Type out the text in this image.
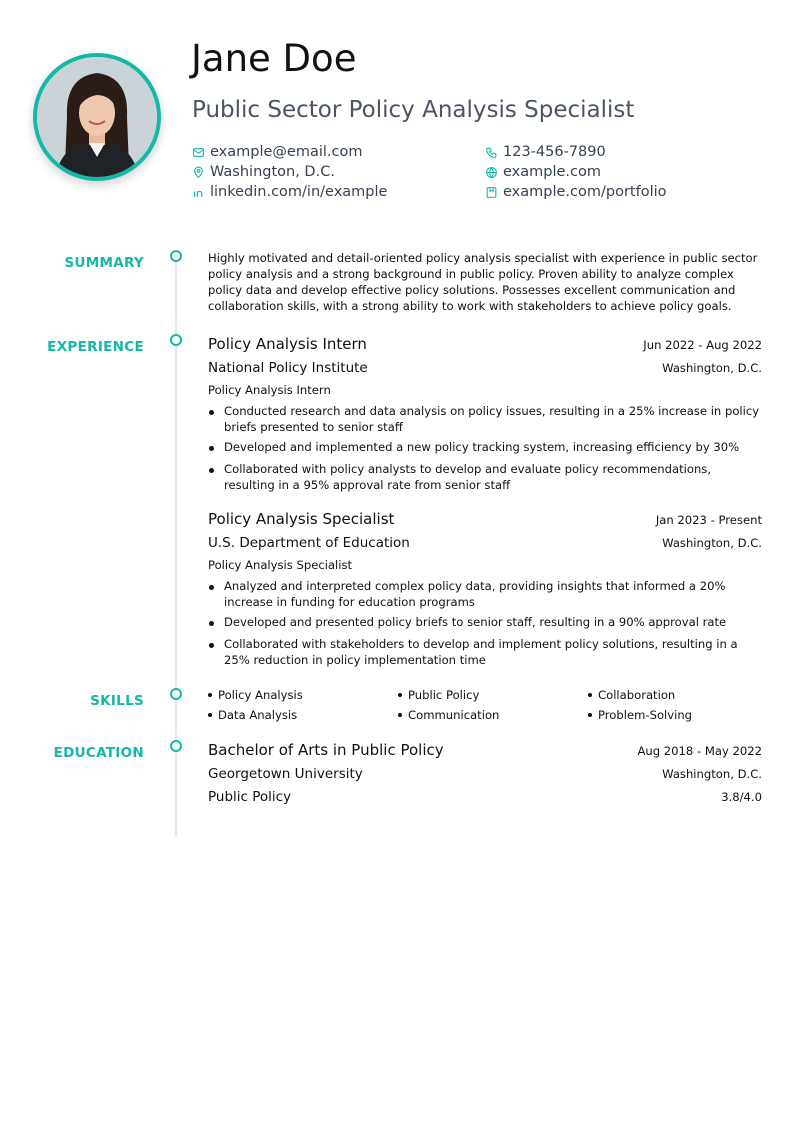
Jane Doe
Public Sector Policy Analysis Specialist
example@email.com	123-456-7890
Washington, D.C.	example.com
linkedin.com/in/example	example.com/portfolio
SUMMARY	Highly motivated and detail-oriented policy analysis specialist with experience in public sector policy analysis and a strong background in public policy. Proven ability to analyze complex policy data and develop effective policy solutions. Possesses excellent communication and collaboration skills, with a strong ability to work with stakeholders to achieve policy goals.
EXPERIENCE	Policy Analysis Intern	Jun 2022 - Aug 2022
National Policy Institute	Washington, D.C.
Policy Analysis Intern
Conducted research and data analysis on policy issues, resulting in a 25% increase in policy briefs presented to senior staff
Developed and implemented a new policy tracking system, increasing efficiency by 30%
Collaborated with policy analysts to develop and evaluate policy recommendations, resulting in a 95% approval rate from senior staff
Policy Analysis Specialist	Jan 2023 - Present
U.S. Department of Education	Washington, D.C.
Policy Analysis Specialist
Analyzed and interpreted complex policy data, providing insights that informed a 20% increase in funding for education programs
Developed and presented policy briefs to senior staff, resulting in a 90% approval rate
Collaborated with stakeholders to develop and implement policy solutions, resulting in a 25% reduction in policy implementation time
SKILLS	Policy Analysis	Public Policy	Collaboration
Data Analysis	Communication	Problem-Solving
EDUCATION	Bachelor of Arts in Public Policy	Aug 2018 - May 2022
Georgetown University	Washington, D.C.
Public Policy	3.8/4.0
